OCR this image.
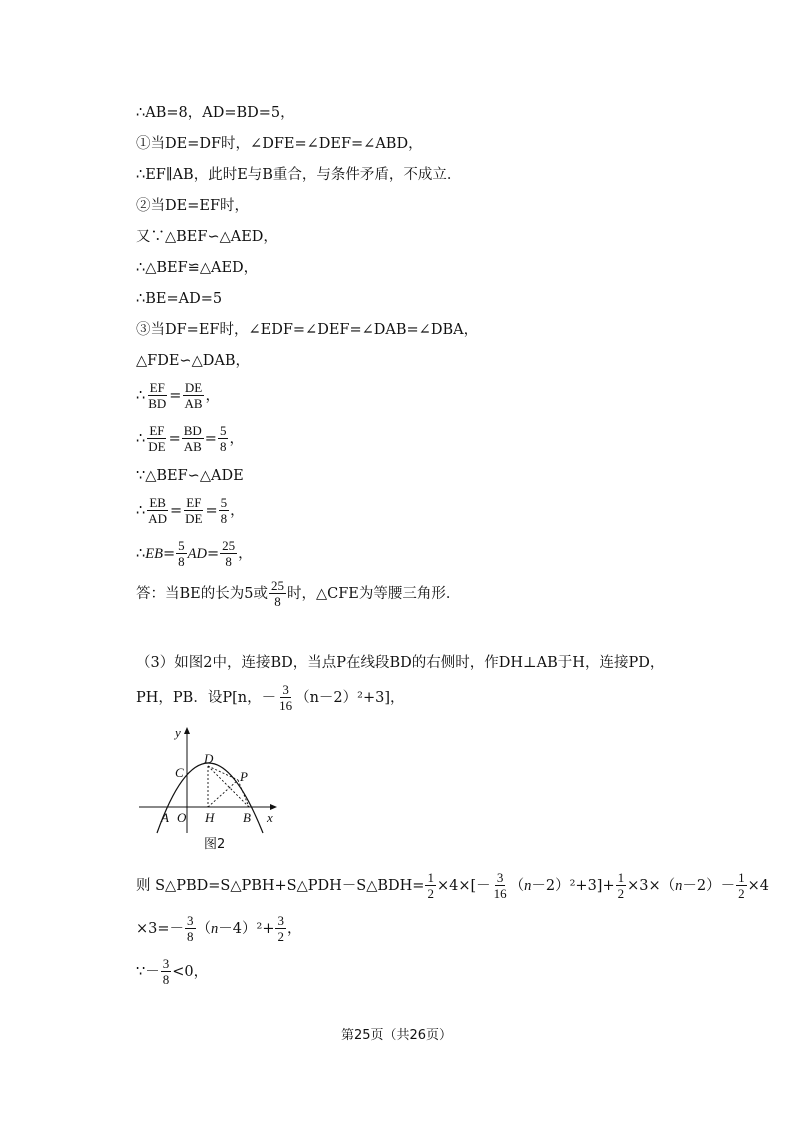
∴AB=8，AD=BD=5，
①当DE=DF时，∠DFE=∠DEF=∠ABD，
∴EF∥AB，此时E与B重合，与条件矛盾，不成立．
②当DE=EF时，
又∵△BEF∽△AED，
∴△BEF≌△AED，
∴BE=AD=5
③当DF=EF时，∠EDF=∠DEF=∠DAB=∠DBA，
△FDE∽△DAB，
∴ $\frac{EF}{BD} = \frac{DE}{AB}$ ，
∴ $\frac{EF}{DE} = \frac{BD}{AB} = \frac{5}{8}$ ，
∵△BEF∽△ADE
∴ $\frac{EB}{AD} = \frac{EF}{DE} = \frac{5}{8}$ ，
∴ EB = $\frac{5}{8}$ AD = $\frac{25}{8}$ ，
答：当BE的长为5或 $\frac{25}{8}$ 时，△CFE为等腰三角形．
（3）如图2中，连接BD，当点P在线段BD的右侧时，作DH⊥AB于H，连接PD，
PH，PB．设P[n，－ $\frac{3}{16} (n-2)^2+3$]，
y
D
C	P
A O H B x
图2
则 S△PBD=S△PBH+S△PDH－S△BDH= $\frac{1}{2} \times 4\times[- \frac{3}{16} (n-2)^2+3]+ \frac{1}{2} \times 3\times(n-2)- \frac{1}{2} \times 4$
$\times 3=- \frac{3}{8} (n-4)^2+ \frac{3}{2}$ ，
∵－ $\frac{3}{8} <0$，
第25页（共26页）
